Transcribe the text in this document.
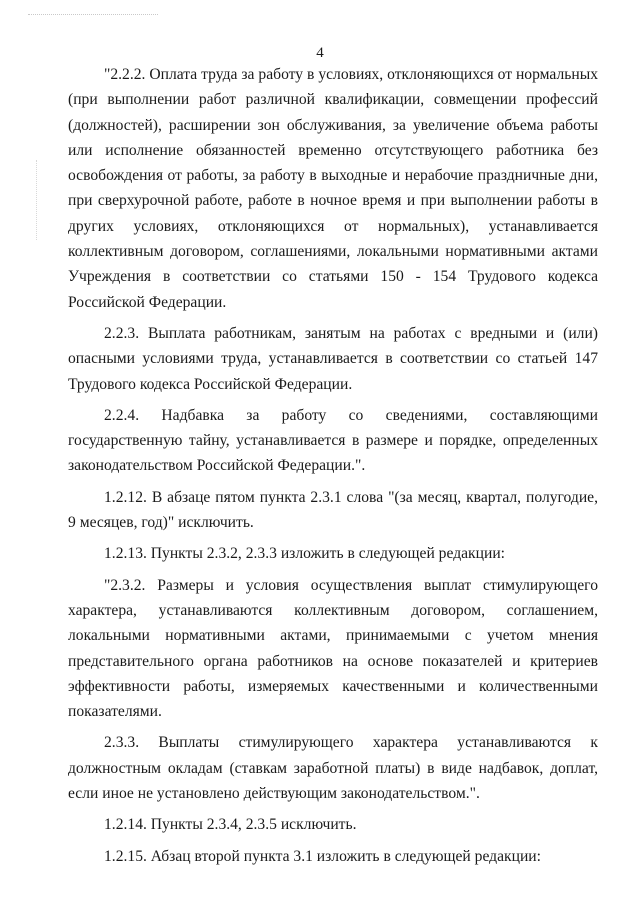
4

"2.2.2. Оплата труда за работу в условиях, отклоняющихся от нормальных (при выполнении работ различной квалификации, совмещении профессий (должностей), расширении зон обслуживания, за увеличение объема работы или исполнение обязанностей временно отсутствующего работника без освобождения от работы, за работу в выходные и нерабочие праздничные дни, при сверхурочной работе, работе в ночное время и при выполнении работы в других условиях, отклоняющихся от нормальных), устанавливается коллективным договором, соглашениями, локальными нормативными актами Учреждения в соответствии со статьями 150 - 154 Трудового кодекса Российской Федерации.

2.2.3. Выплата работникам, занятым на работах с вредными и (или) опасными условиями труда, устанавливается в соответствии со статьей 147 Трудового кодекса Российской Федерации.

2.2.4. Надбавка за работу со сведениями, составляющими государственную тайну, устанавливается в размере и порядке, определенных законодательством Российской Федерации.".

1.2.12. В абзаце пятом пункта 2.3.1 слова "(за месяц, квартал, полугодие, 9 месяцев, год)" исключить.

1.2.13. Пункты 2.3.2, 2.3.3 изложить в следующей редакции:

"2.3.2. Размеры и условия осуществления выплат стимулирующего характера, устанавливаются коллективным договором, соглашением, локальными нормативными актами, принимаемыми с учетом мнения представительного органа работников на основе показателей и критериев эффективности работы, измеряемых качественными и количественными показателями.

2.3.3. Выплаты стимулирующего характера устанавливаются к должностным окладам (ставкам заработной платы) в виде надбавок, доплат, если иное не установлено действующим законодательством.".

1.2.14. Пункты 2.3.4, 2.3.5 исключить.

1.2.15. Абзац второй пункта 3.1 изложить в следующей редакции:
